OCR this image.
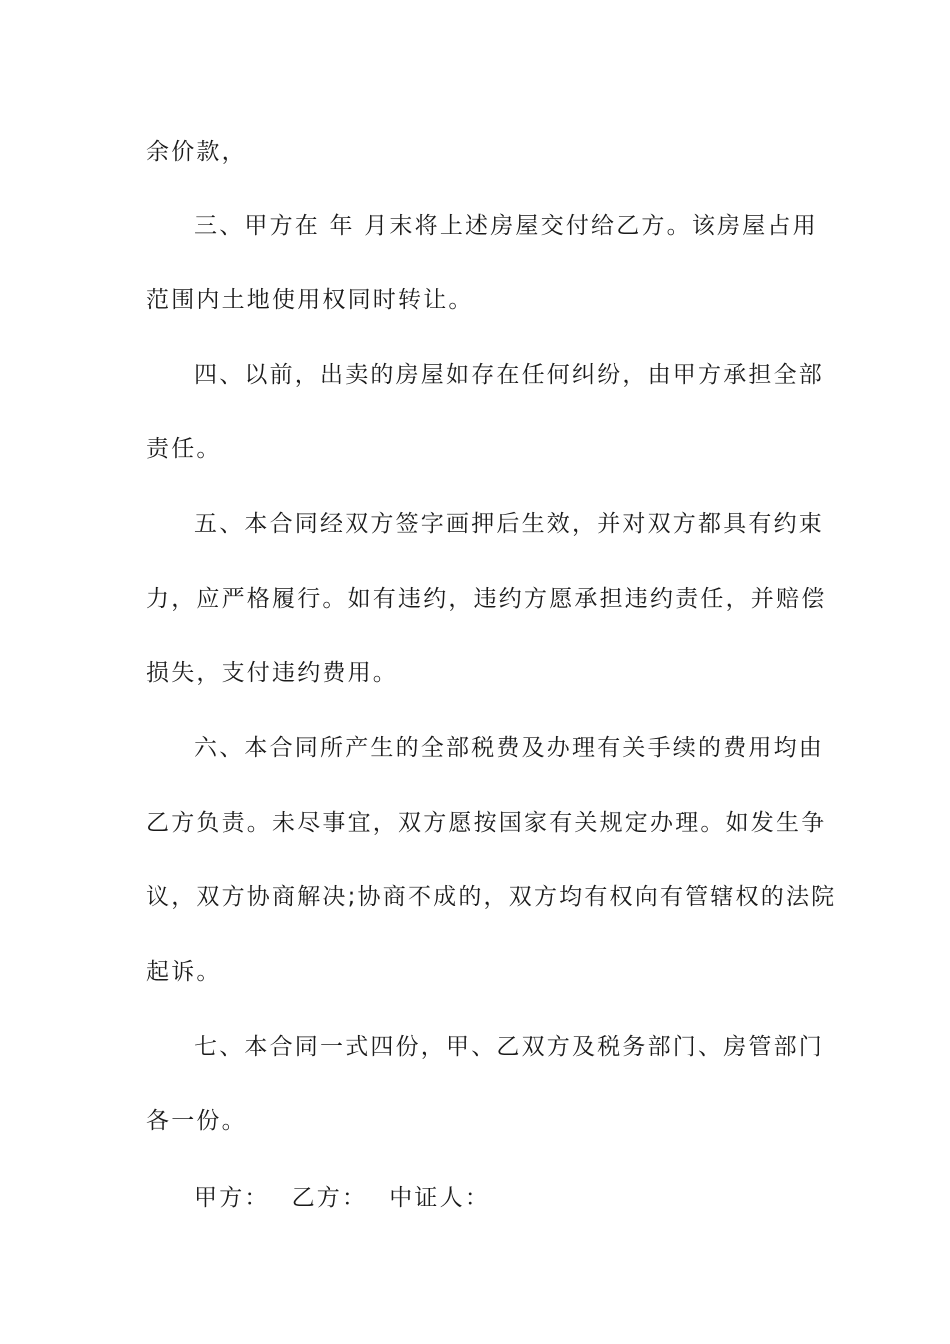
余价款，
三、甲方在 年 月末将上述房屋交付给乙方。该房屋占用
范围内土地使用权同时转让。
四、以前，出卖的房屋如存在任何纠纷，由甲方承担全部
责任。
五、本合同经双方签字画押后生效，并对双方都具有约束
力，应严格履行。如有违约，违约方愿承担违约责任，并赔偿
损失，支付违约费用。
六、本合同所产生的全部税费及办理有关手续的费用均由
乙方负责。未尽事宜，双方愿按国家有关规定办理。如发生争
议，双方协商解决;协商不成的，双方均有权向有管辖权的法院
起诉。
七、本合同一式四份，甲、乙双方及税务部门、房管部门
各一份。
甲方： 乙方： 中证人：
